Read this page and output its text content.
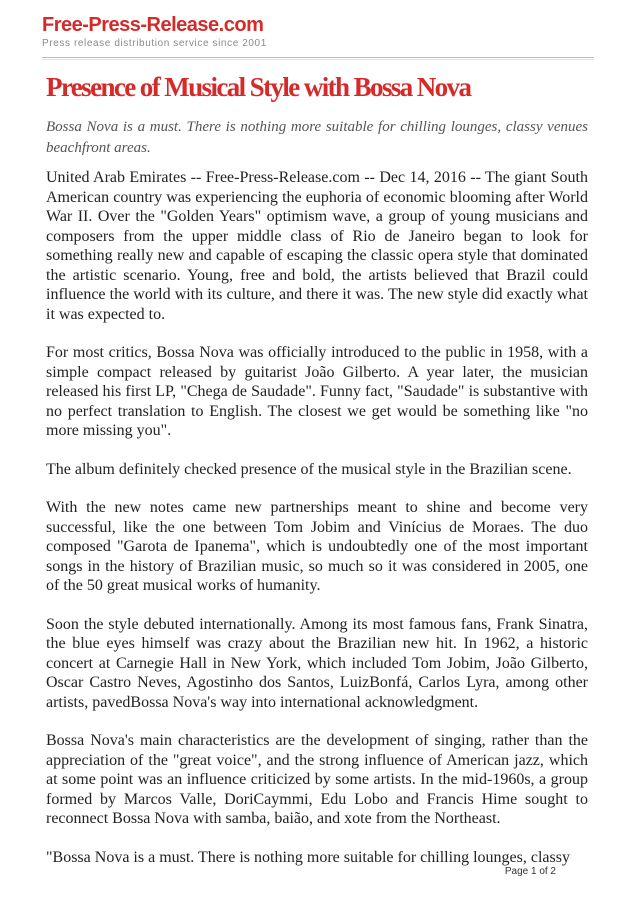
Free-Press-Release.com
Press release distribution service since 2001
Presence of Musical Style with Bossa Nova
Bossa Nova is a must. There is nothing more suitable for chilling lounges, classy venues beachfront areas.

United Arab Emirates -- Free-Press-Release.com -- Dec 14, 2016 -- The giant South American country was experiencing the euphoria of economic blooming after World War II. Over the "Golden Years" optimism wave, a group of young musicians and composers from the upper middle class of Rio de Janeiro began to look for something really new and capable of escaping the classic opera style that dominated the artistic scenario. Young, free and bold, the artists believed that Brazil could influence the world with its culture, and there it was. The new style did exactly what it was expected to.

For most critics, Bossa Nova was officially introduced to the public in 1958, with a simple compact released by guitarist João Gilberto. A year later, the musician released his first LP, "Chega de Saudade". Funny fact, "Saudade" is substantive with no perfect translation to English. The closest we get would be something like "no more missing you".

The album definitely checked presence of the musical style in the Brazilian scene.

With the new notes came new partnerships meant to shine and become very successful, like the one between Tom Jobim and Vinícius de Moraes. The duo composed "Garota de Ipanema", which is undoubtedly one of the most important songs in the history of Brazilian music, so much so it was considered in 2005, one of the 50 great musical works of humanity.

Soon the style debuted internationally. Among its most famous fans, Frank Sinatra, the blue eyes himself was crazy about the Brazilian new hit. In 1962, a historic concert at Carnegie Hall in New York, which included Tom Jobim, João Gilberto, Oscar Castro Neves, Agostinho dos Santos, LuizBonfá, Carlos Lyra, among other artists, pavedBossa Nova's way into international acknowledgment.

Bossa Nova's main characteristics are the development of singing, rather than the appreciation of the "great voice", and the strong influence of American jazz, which at some point was an influence criticized by some artists. In the mid-1960s, a group formed by Marcos Valle, DoriCaymmi, Edu Lobo and Francis Hime sought to reconnect Bossa Nova with samba, baião, and xote from the Northeast.

"Bossa Nova is a must. There is nothing more suitable for chilling lounges, classy

Page 1 of 2
